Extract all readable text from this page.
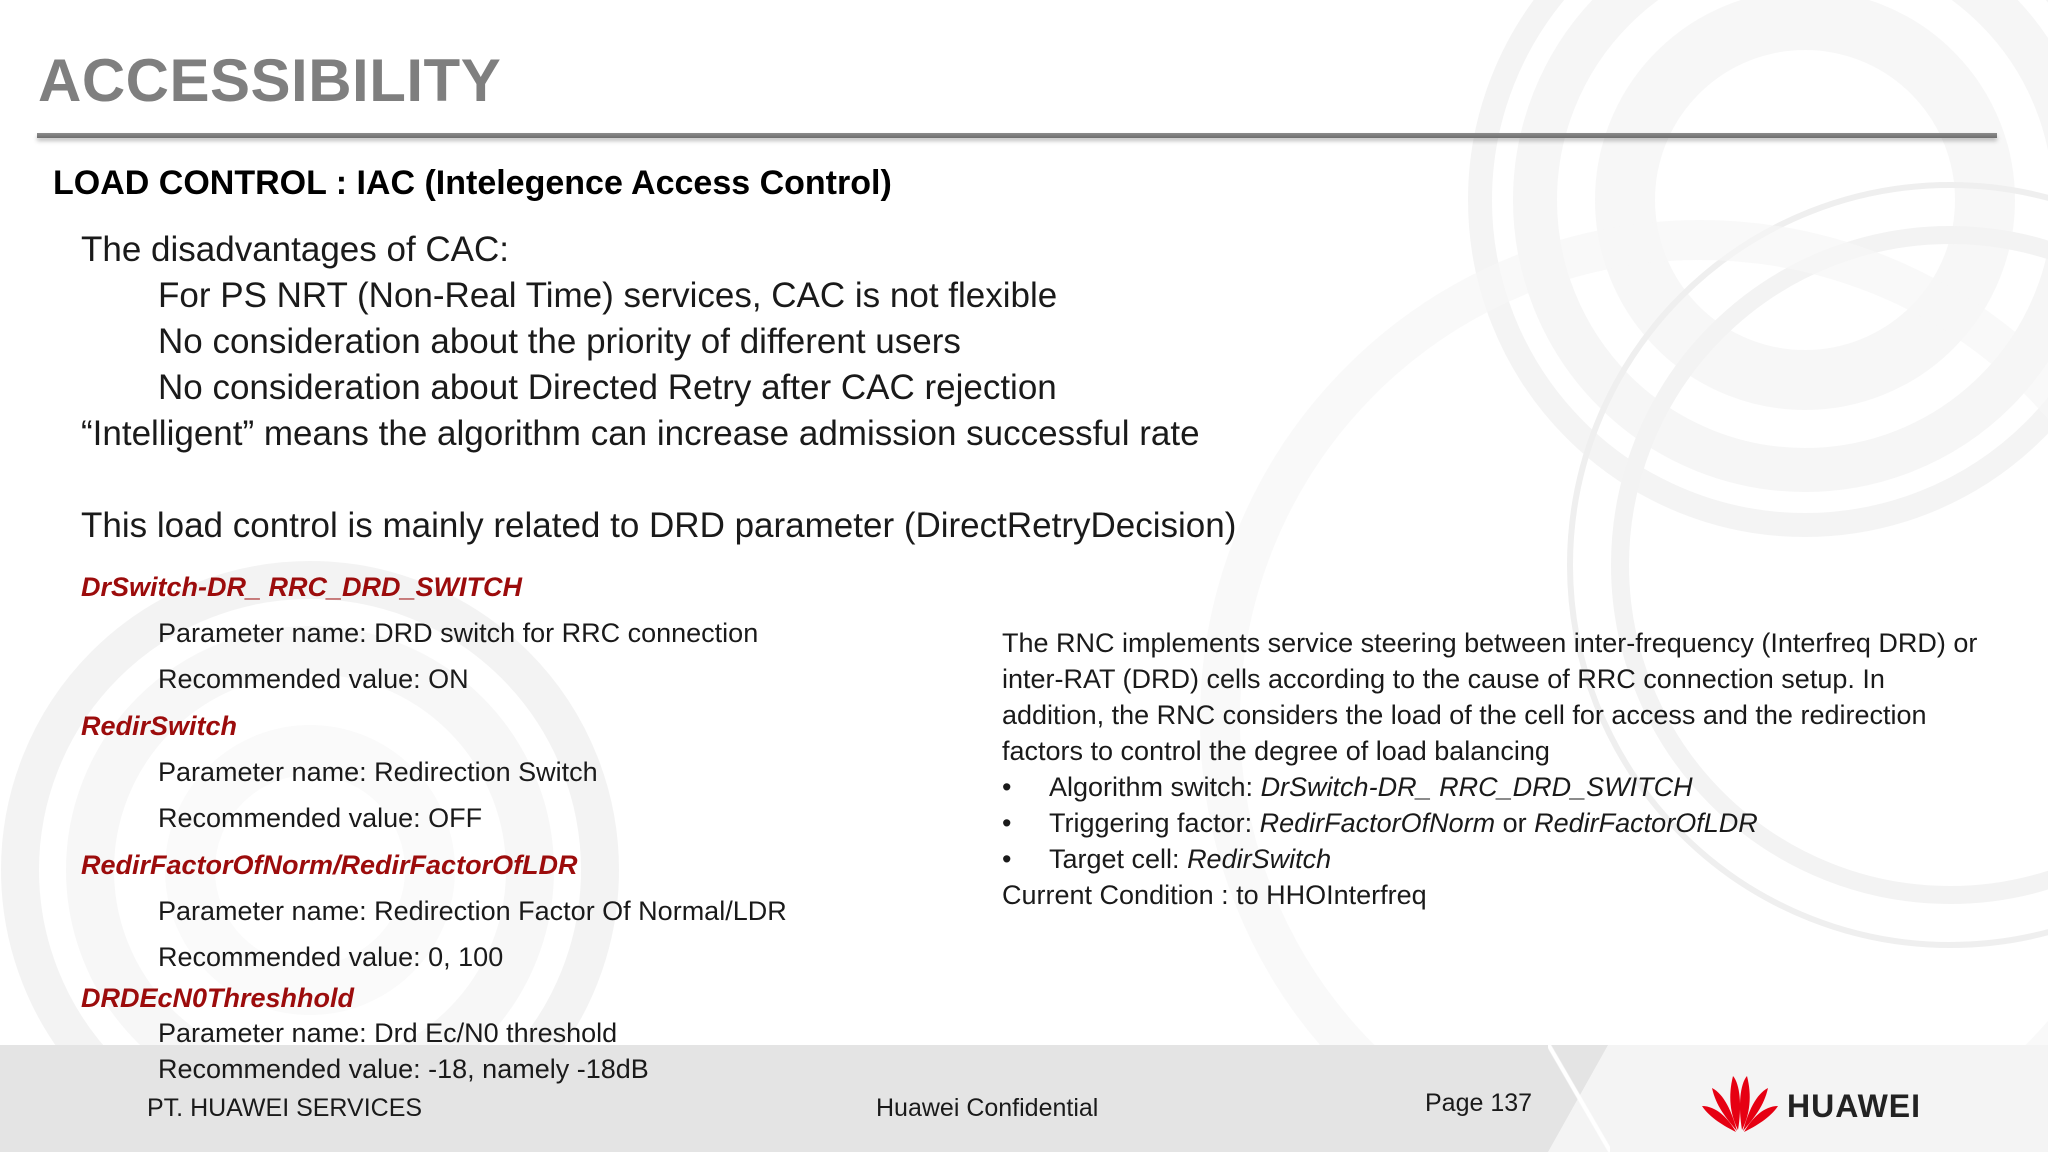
ACCESSIBILITY
LOAD CONTROL : IAC (Intelegence Access Control)
The disadvantages of CAC:
For PS NRT (Non-Real Time) services, CAC is not flexible
No consideration about the priority of different users
No consideration about Directed Retry after CAC rejection
“Intelligent” means the algorithm can increase admission successful rate
This load control is mainly related to DRD parameter (DirectRetryDecision)
DrSwitch-DR_ RRC_DRD_SWITCH
Parameter name: DRD switch for RRC connection
Recommended value: ON
RedirSwitch
Parameter name: Redirection Switch
Recommended value: OFF
RedirFactorOfNorm/RedirFactorOfLDR
Parameter name: Redirection Factor Of Normal/LDR
Recommended value: 0, 100
DRDEcN0Threshhold

The RNC implements service steering between inter-frequency (Interfreq DRD) or inter-RAT (DRD) cells according to the cause of RRC connection setup. In addition, the RNC considers the load of the cell for access and the redirection factors to control the degree of load balancing

• Algorithm switch: DrSwitch-DR_ RRC_DRD_SWITCH
• Triggering factor: RedirFactorOfNorm or RedirFactorOfLDR
• Target cell: RedirSwitch

Current Condition : to HHOInterfreq

Parameter name: Drd Ec/N0 threshold
Recommended value: -18, namely -18dB
PT. HUAWEI SERVICES	Huawei Confidential	Page 137	HUAWEI
